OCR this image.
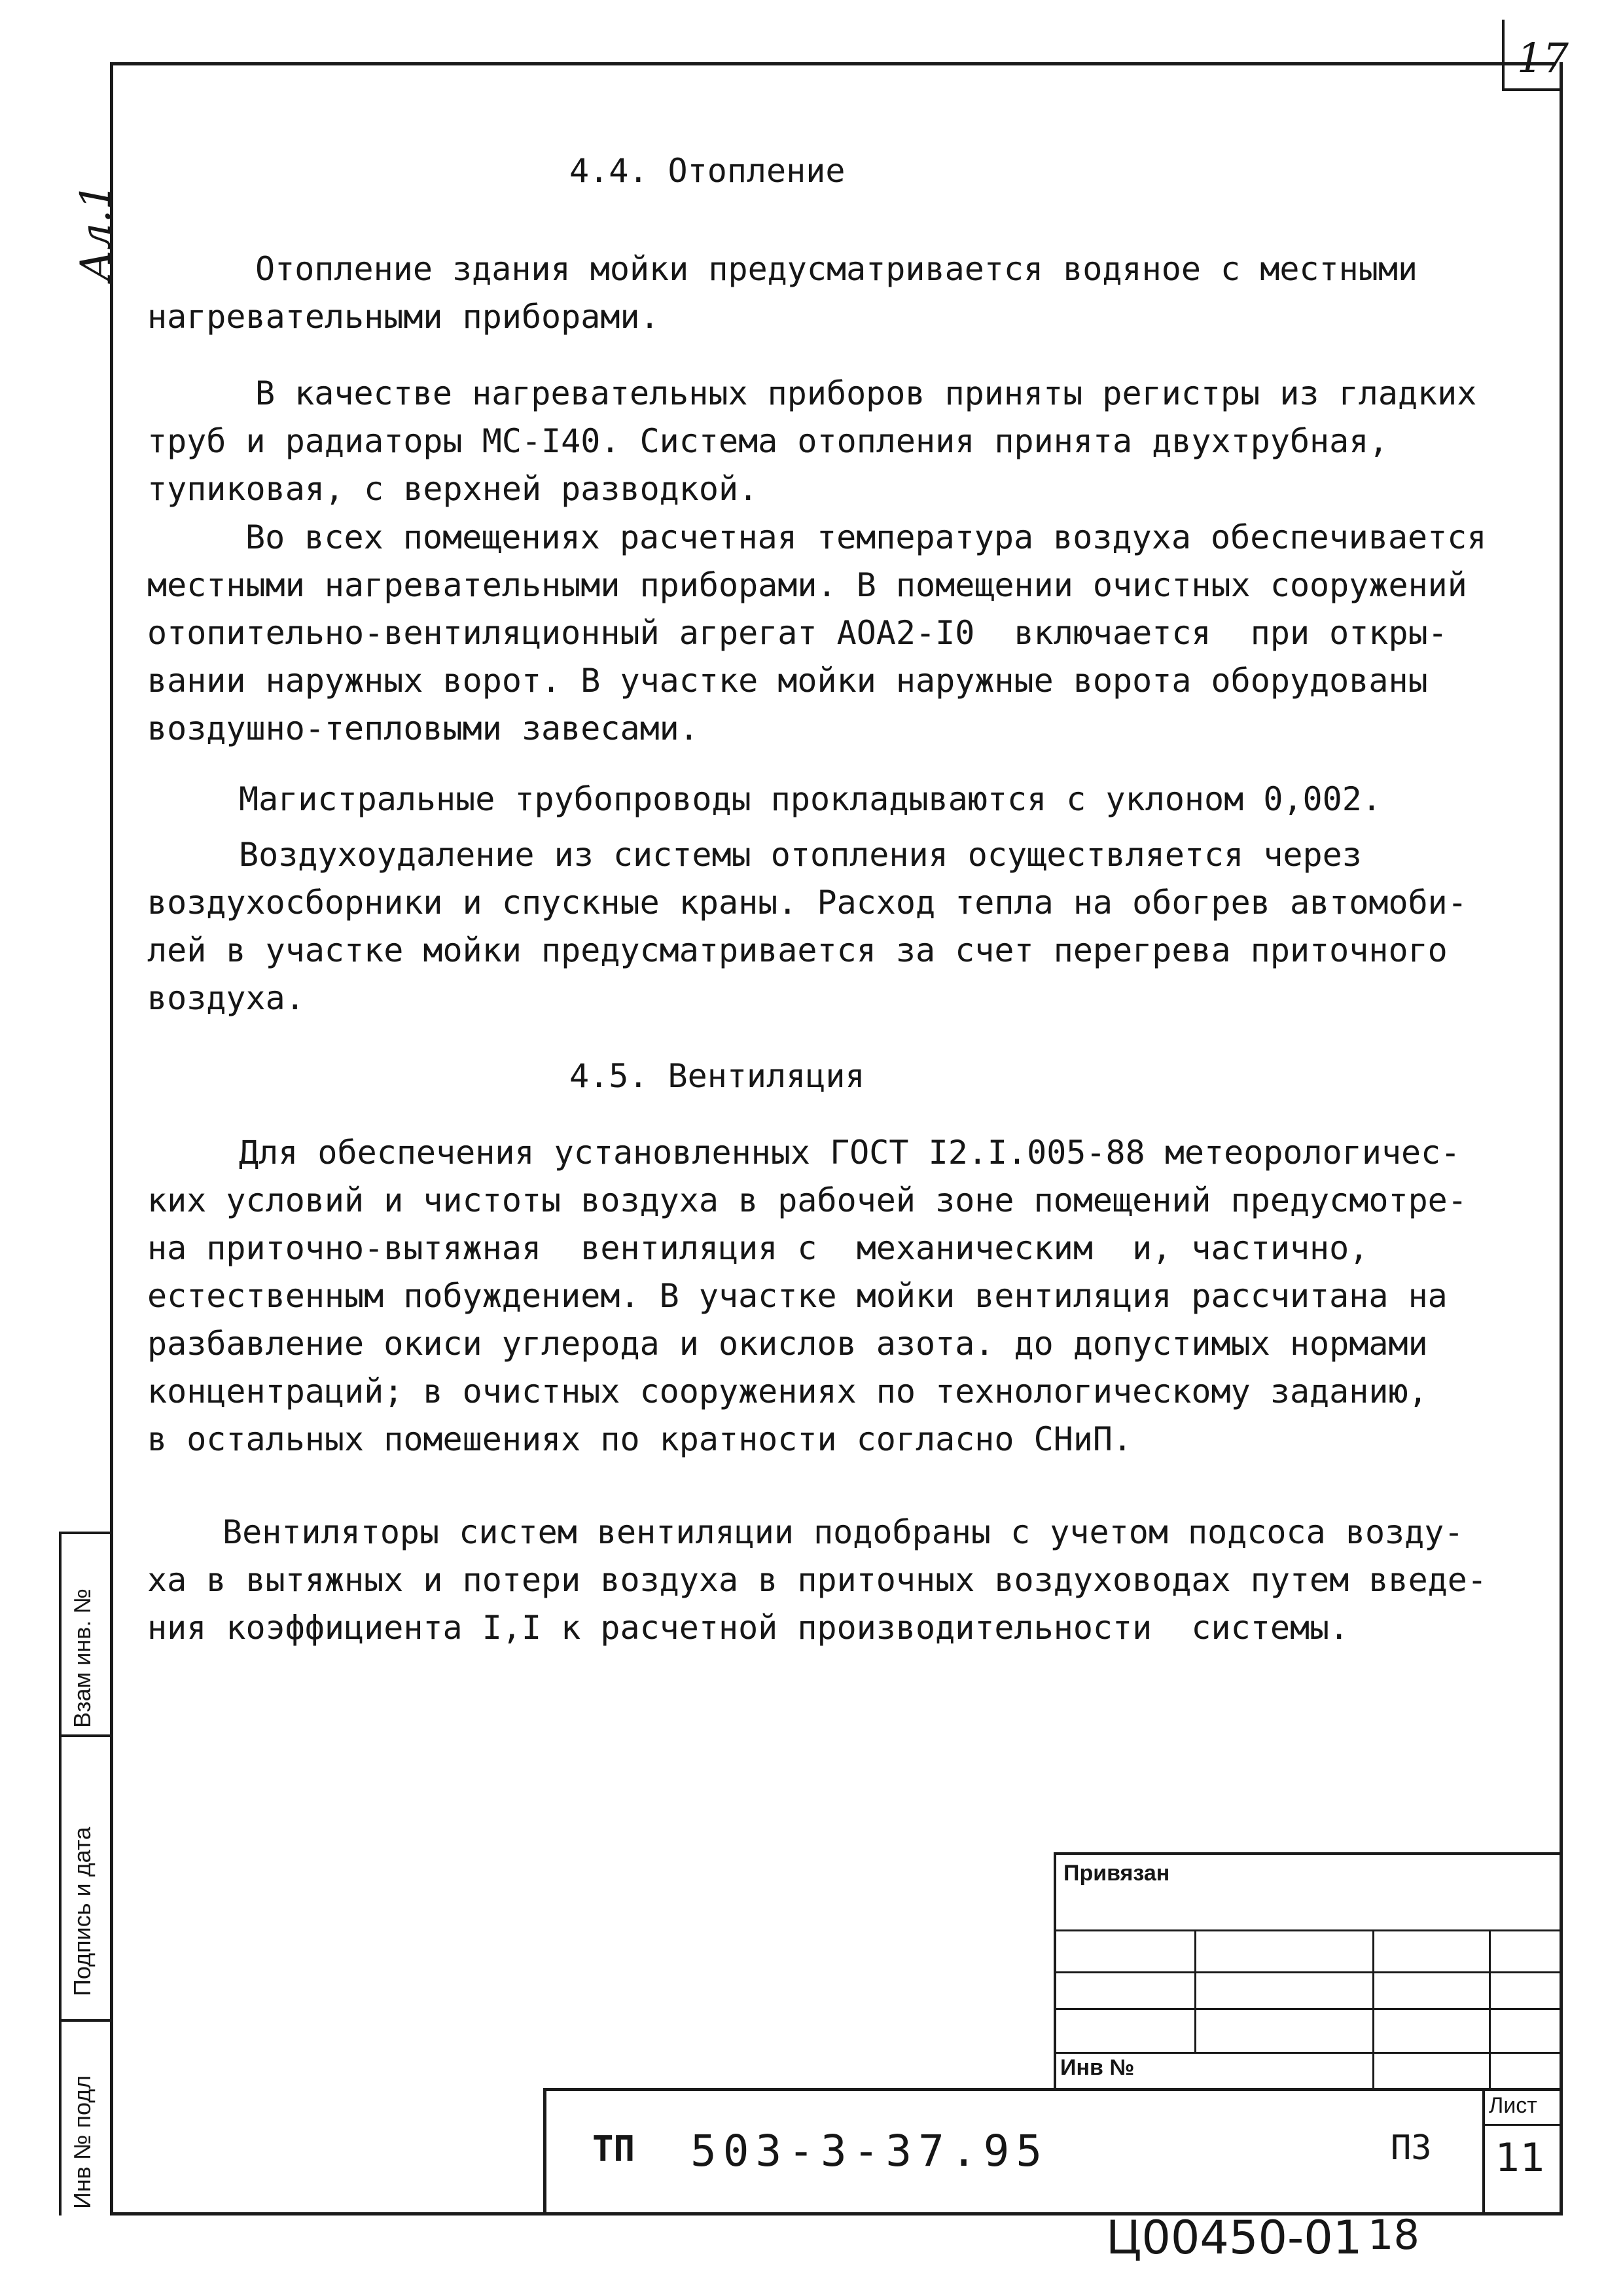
17
Ал.1
4.4. Отопление
Отопление здания мойки предусматривается водяное с местными
нагревательными приборами.
В качестве нагревательных приборов приняты регистры из гладких
труб и радиаторы МС-I40. Система отопления принята двухтрубная,
тупиковая, с верхней разводкой.
Во всех помещениях расчетная температура воздуха обеспечивается
местными нагревательными приборами. В помещении очистных сооружений
отопительно-вентиляционный агрегат АОА2-I0  включается  при откры-
вании наружных ворот. В участке мойки наружные ворота оборудованы
воздушно-тепловыми завесами.
Магистральные трубопроводы прокладываются с уклоном 0,002.
Воздухоудаление из системы отопления осуществляется через
воздухосборники и спускные краны. Расход тепла на обогрев автомоби-
лей в участке мойки предусматривается за счет перегрева приточного
воздуха.
4.5. Вентиляция
Для обеспечения установленных ГОСТ I2.I.005-88 метеорологичес-
ких условий и чистоты воздуха в рабочей зоне помещений предусмотре-
на приточно-вытяжная  вентиляция с  механическим  и, частично,
естественным побуждением. В участке мойки вентиляция рассчитана на
разбавление окиси углерода и окислов азота. до допустимых нормами
концентраций; в очистных сооружениях по технологическому заданию,
в остальных помешениях по кратности согласно СНиП.
Вентиляторы систем вентиляции подобраны с учетом подсоса возду-
ха в вытяжных и потери воздуха в приточных воздуховодах путем введе-
ния коэффициента I,I к расчетной производительности  системы.
Взам инв. №
Подпись и дата
Инв № подл
Привязан
Инв №
ТП 503-3-37.95	ПЗ
Лист
11
Ц00450-01 18
